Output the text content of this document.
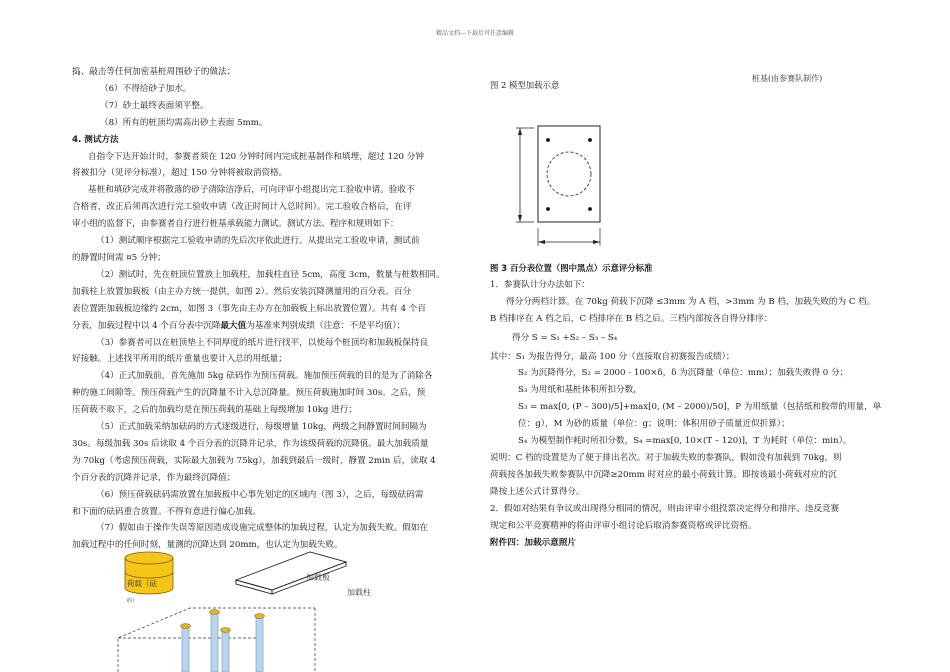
精品文档---下载后可任意编辑
捣、敲击等任何加密基桩周围砂子的做法；
（6）不得给砂子加水。
（7）砂土最终表面须平整。
（8）所有的桩顶均需高出砂土表面 5mm。
4. 测试方法
自指令下达开始计时，参赛者须在 120 分钟时间内完成桩基制作和填埋，超过 120 分钟
将被扣分（见评分标准），超过 150 分钟将被取消资格。
基桩和填砂完成并将散落的砂子清除洁净后，可向评审小组提出完工验收申请。验收不
合格者，改正后须再次进行完工验收申请（改正时间计入总时间）。完工验收合格后，在评
审小组的监督下，由参赛者自行进行桩基承载能力测试。测试方法、程序和规则如下：
（1）测试顺序根据完工验收申请的先后次序依此进行。从提出完工验收申请，测试前
的静置时间需 ¤5 分钟；
（2）测试时，先在桩顶位置放上加载柱，加载柱直径 5cm，高度 3cm，数量与桩数相同。
加载柱上放置加载板（由主办方统一提供，如图 2）。然后安装沉降测量用的百分表。百分
表位置距加载板边缘约 2cm，如图 3（事先由主办方在加载板上标出放置位置）。共有 4 个百
分表，加载过程中以 4 个百分表中沉降最大值为基准来判别成绩（注意：不是平均值）；
（3）参赛者可以在桩顶垫上不同厚度的纸片进行找平，以使每个桩顶均和加载板保持良
好接触。上述找平所用的纸片重量也要计入总的用纸量；
（4）正式加载前，首先施加 5kg 砝码作为预压荷载。施加预压荷载的目的是为了消除各
种的施工间隙等。预压荷载产生的沉降量不计入总沉降量。预压荷载施加时间 30s。之后，预
压荷载不取下，之后的加载均是在预压荷载的基础上每级增加 10kg 进行；
（5）正式加载采纳加砝码的方式逐级进行，每级增量 10kg，两级之间静置时间间隔为
30s。每级加载 30s 后读取 4 个百分表的沉降并记录，作为该级荷载的沉降值。最大加载质量
为 70kg（考虑预压荷载，实际最大加载为 75kg），加载到最后一级时，静置 2min 后，读取 4
个百分表的沉降并记录，作为最终沉降值；
（6）预压荷载砝码需放置在加载板中心事先划定的区域内（图 3），之后，每级砝码需
和下面的砝码重合放置。不得有意进行偏心加载。
（7）假如由于操作失误等原因造成设施完成整体的加载过程，认定为加载失败。假如在
加载过程中的任何时刻，量测的沉降达到 20mm，也认定为加载失败。
荷载（砝
码）
加载板
加载柱
图 2 模型加载示意
桩基(由参赛队制作)
图 3 百分表位置（图中黑点）示意评分标准
1．参赛队计分办法如下：
得分分两档计算。在 70kg 荷载下沉降 ≤3mm 为 A 档，>3mm 为 B 档，加载失败的为 C 档。
B 档排序在 A 档之后，C 档排序在 B 档之后。三档内部按各自得分排序：
得分 S = S₁ +S₂ – S₃ – S₄
其中：S₁ 为报告得分，最高 100 分（直接取自初赛报告成绩）；
S₂ 为沉降得分，S₂ = 2000 - 100×δ，δ 为沉降量（单位：mm）；加载失败得 0 分；
S₃ 为用纸和基桩体积所扣分数，
S₃ = max[0, (P – 300)/5]+max[0, (M – 2000)/50]，P 为用纸量（包括纸和胶带的用量，单
位：g），M 为砂的质量（单位：g；说明：体积用砂子质量近似折算）；
S₄ 为模型制作耗时所扣分数，S₄ =max[0, 10×(T – 120)]，T 为耗时（单位：min）。
说明：C 档的设置是为了便于排出名次。对于加载失败的参赛队，假如没有加载到 70kg，则
荷载按各加载失败参赛队中沉降≥20mm 时对应的最小荷载计算。即按该最小荷载对应的沉
降按上述公式计算得分。
2．假如对结果有争议或出现得分相同的情况，则由评审小组投票决定得分和排序。违反竞赛
规定和公平竞赛精神的将由评审小组讨论后取消参赛资格或评比资格。
附件四：加载示意照片
